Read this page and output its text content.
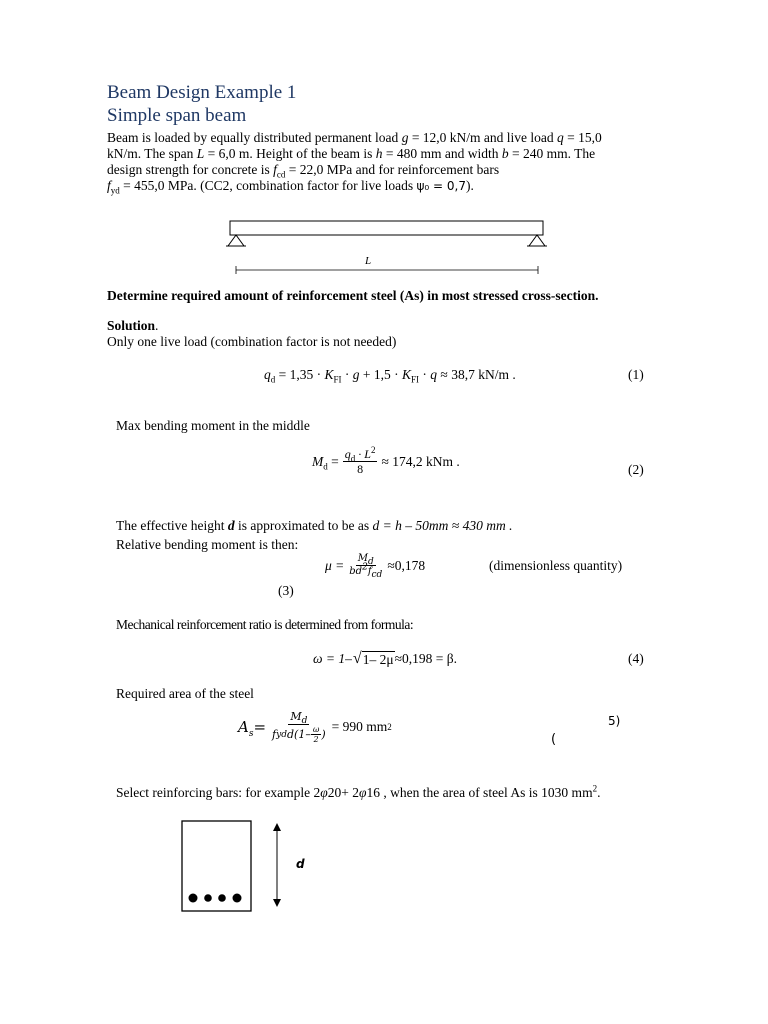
Beam Design Example 1
Simple span beam
Beam is loaded by equally distributed permanent load g = 12,0 kN/m and live load q = 15,0
kN/m. The span L = 6,0 m. Height of the beam is h = 480 mm and width b = 240 mm. The
design strength for concrete is $f_{cd} = 22,0$ MPa and for reinforcement bars
$f_{yd} = 455,0$ MPa. (CC2, combination factor for live loads ψ₀ = 0,7).
L
Determine required amount of reinforcement steel (As) in most stressed cross-section.
Solution.
Only one live load (combination factor is not needed)
$q_d = 1,35 \cdot K_{FI} \cdot g + 1,5 \cdot K_{FI} \cdot q \approx 38,7$ kN/m .	(1)
Max bending moment in the middle
$M_d = \frac{q_d \cdot L^2}{8} \approx 174,2$ kNm .
(2)
The effective height d is approximated to be as d = h – 50mm ≈ 430 mm .
Relative bending moment is then:
$\mu = \frac{M_d}{bd^2f_{cd}} \approx 0,178$	(dimensionless quantity)
(3)
Mechanical reinforcement ratio is determined from formula:
ω = 1– √ 1– 2μ ≈0,198 = β.	(4)
Required area of the steel
$A_s = \frac{M_d}{f yd d(1- \frac{\omega}{2} )} = 990$ mm 2	5)
(
Select reinforcing bars: for example 2φ20+ 2φ16 , when the area of steel As is 1030 $mm^2$.
d
